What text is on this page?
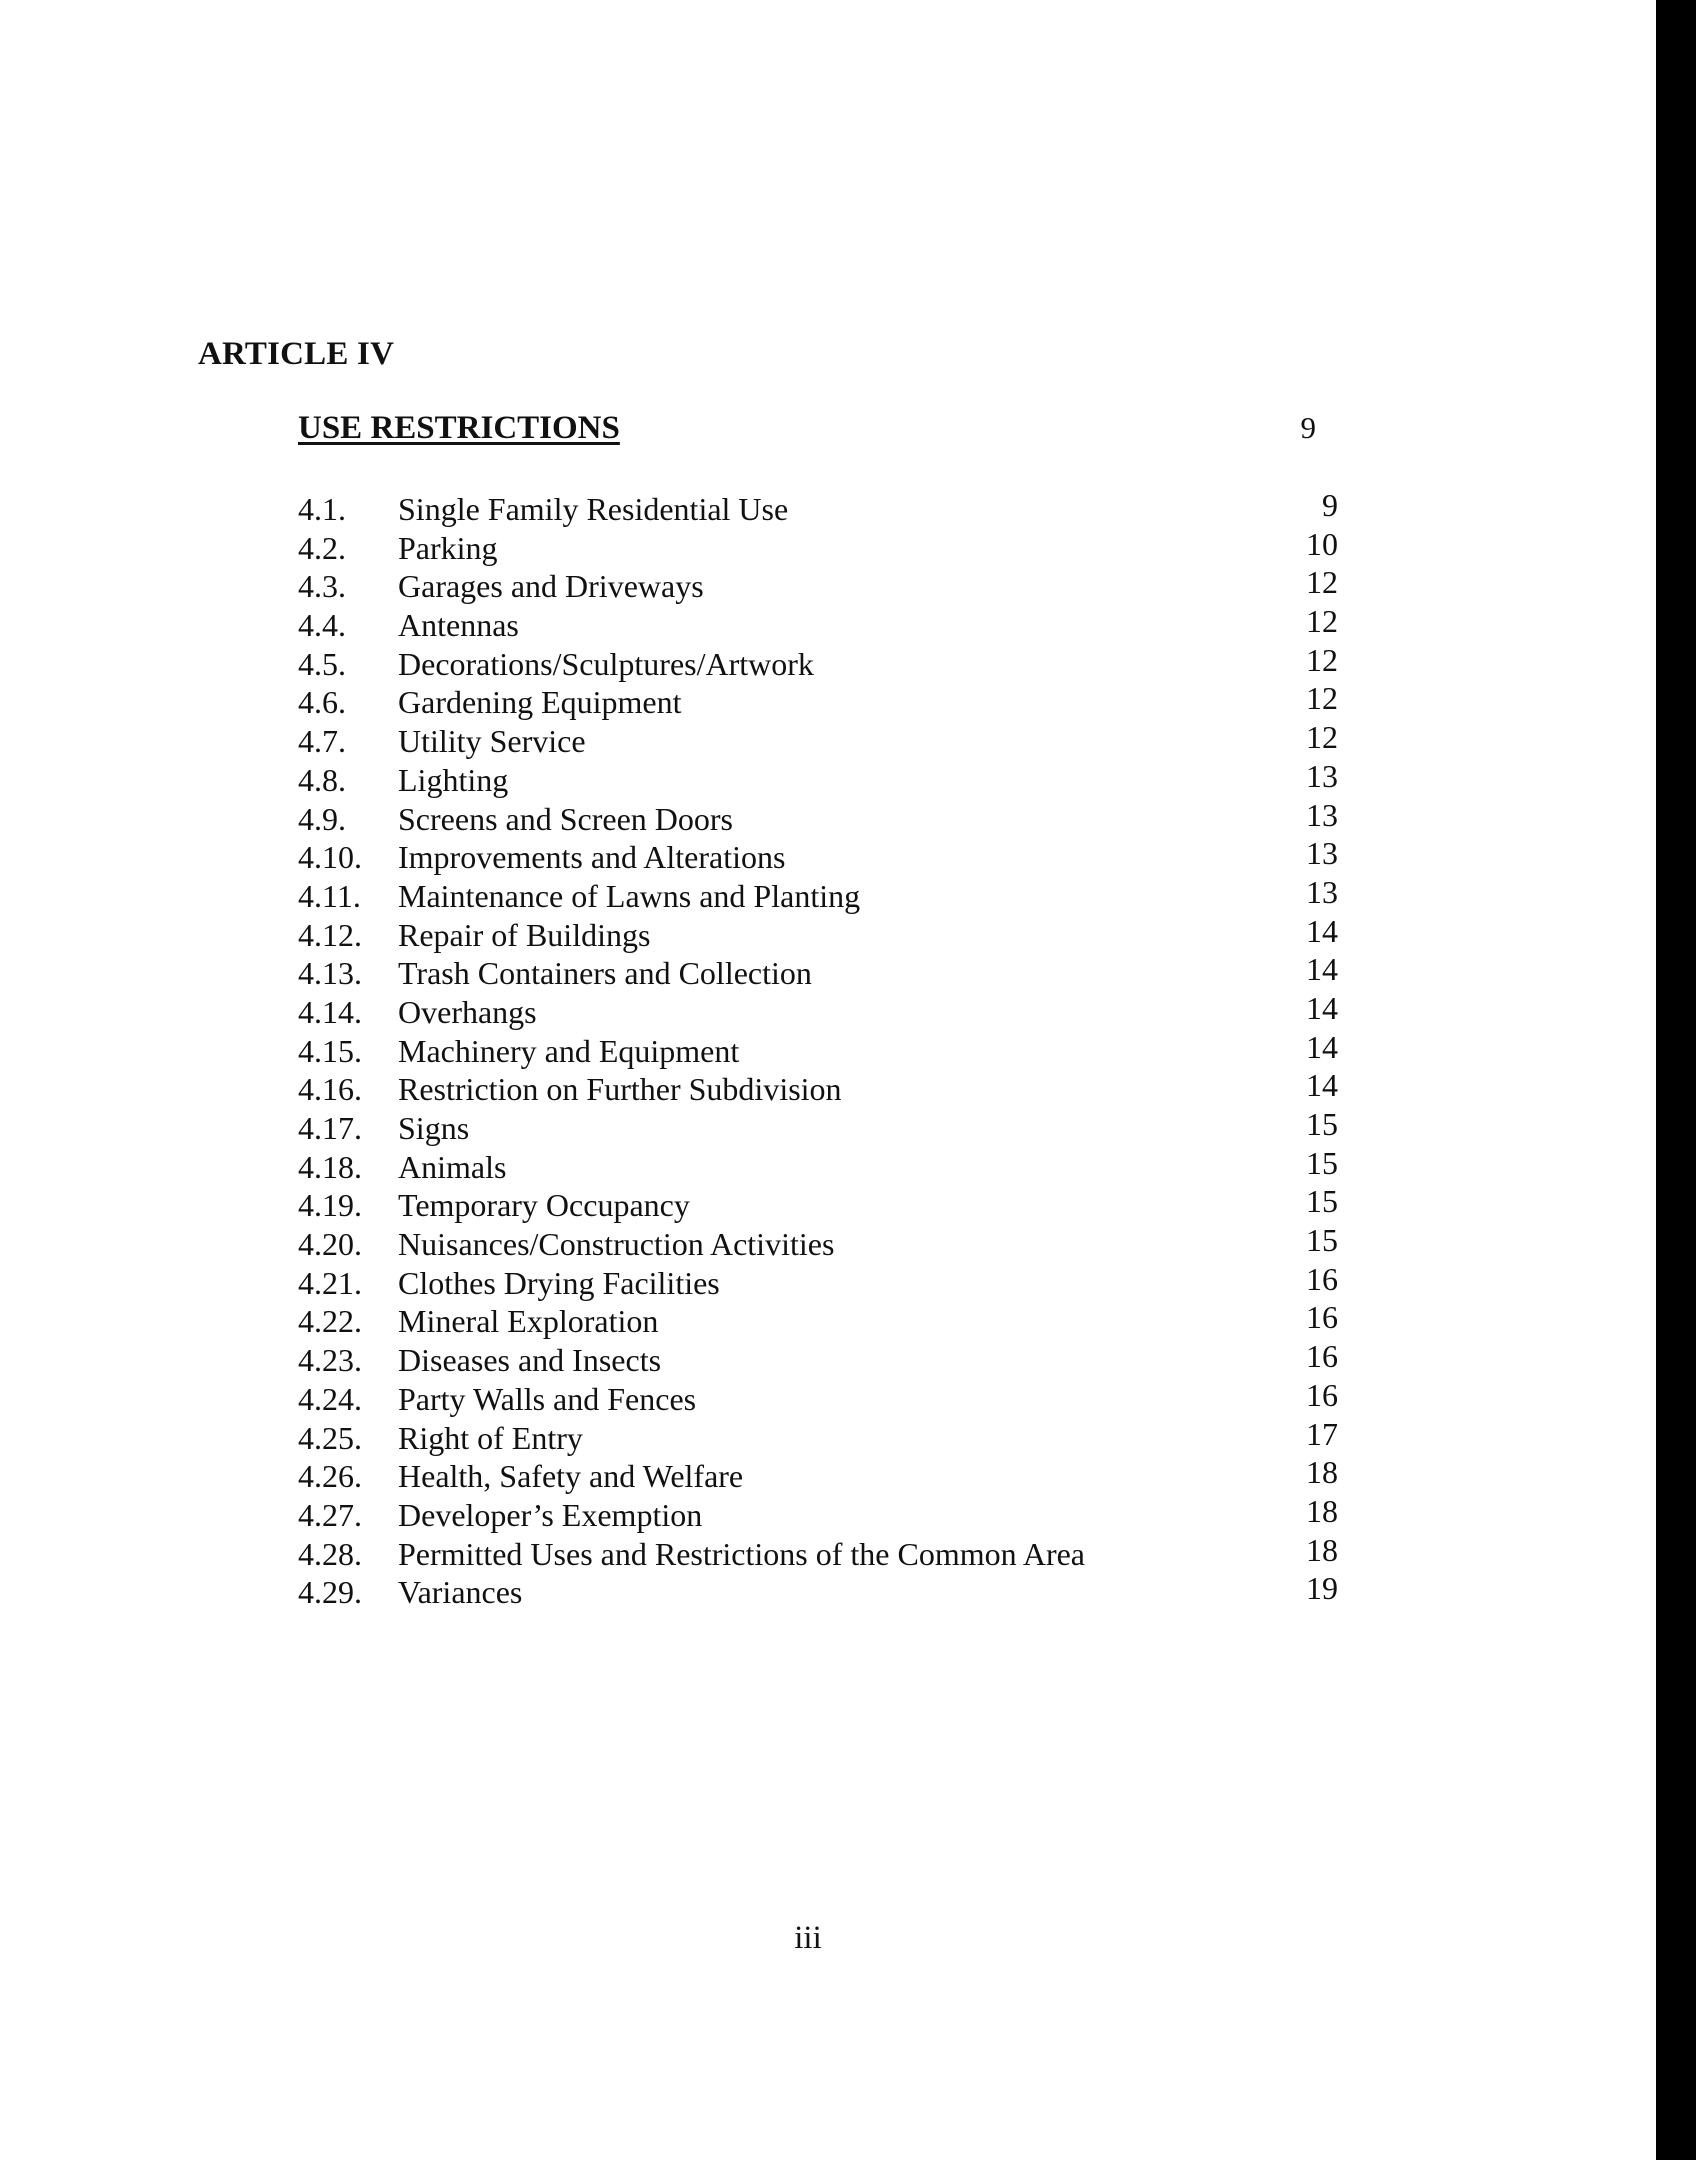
ARTICLE IV
USE RESTRICTIONS	9
4.1.	Single Family Residential Use	9
4.2.	Parking	10
4.3.	Garages and Driveways	12
4.4.	Antennas	12
4.5.	Decorations/Sculptures/Artwork	12
4.6.	Gardening Equipment	12
4.7.	Utility Service	12
4.8.	Lighting	13
4.9.	Screens and Screen Doors	13
4.10.	Improvements and Alterations	13
4.11.	Maintenance of Lawns and Planting	13
4.12.	Repair of Buildings	14
4.13.	Trash Containers and Collection	14
4.14.	Overhangs	14
4.15.	Machinery and Equipment	14
4.16.	Restriction on Further Subdivision	14
4.17.	Signs	15
4.18.	Animals	15
4.19.	Temporary Occupancy	15
4.20.	Nuisances/Construction Activities	15
4.21.	Clothes Drying Facilities	16
4.22.	Mineral Exploration	16
4.23.	Diseases and Insects	16
4.24.	Party Walls and Fences	16
4.25.	Right of Entry	17
4.26.	Health, Safety and Welfare	18
4.27.	Developer’s Exemption	18
4.28.	Permitted Uses and Restrictions of the Common Area	18
4.29.	Variances	19
iii
